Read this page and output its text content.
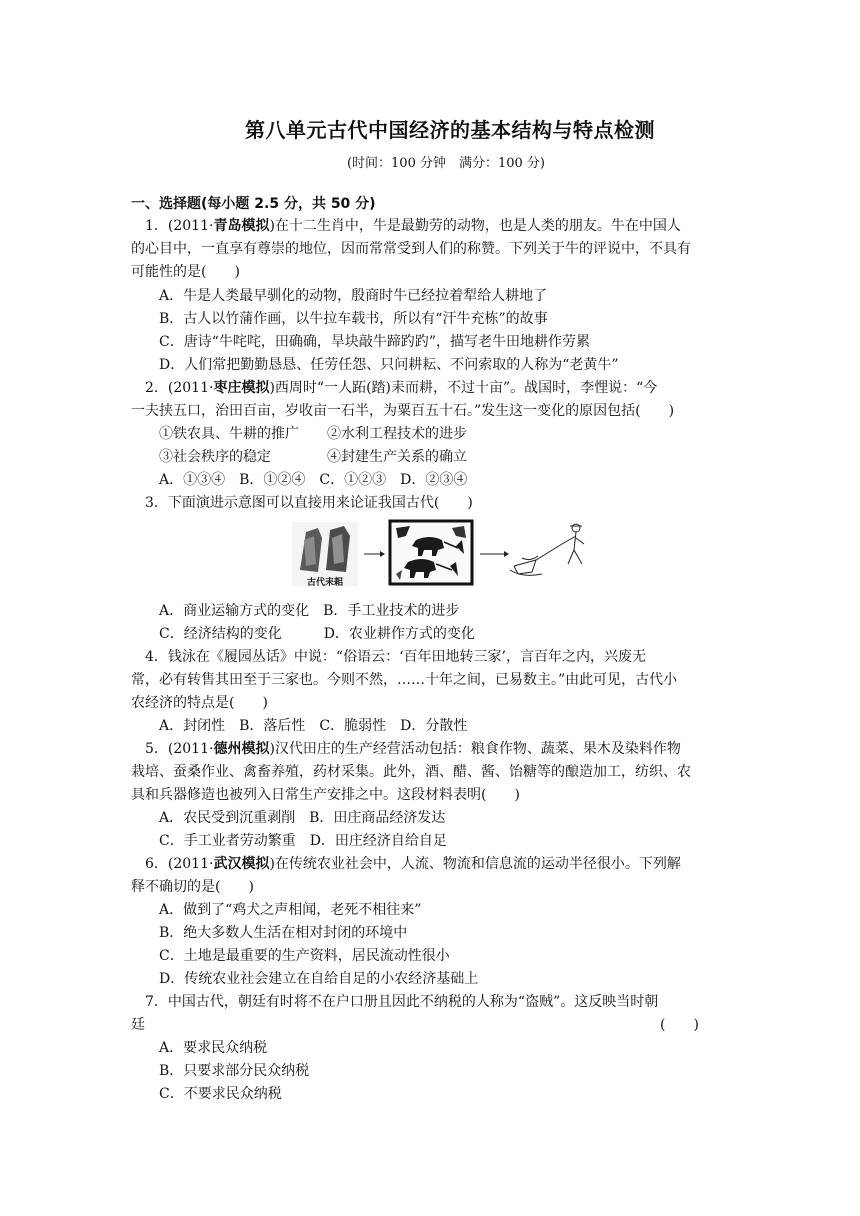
第八单元古代中国经济的基本结构与特点检测
(时间：100 分钟　满分：100 分)
一、选择题(每小题 2.5 分，共 50 分)
1．(2011·青岛模拟)在十二生肖中，牛是最勤劳的动物，也是人类的朋友。牛在中国人
的心目中，一直享有尊崇的地位，因而常常受到人们的称赞。下列关于牛的评说中，不具有
可能性的是(　　)
A．牛是人类最早驯化的动物，殷商时牛已经拉着犁给人耕地了
B．古人以竹蒲作画，以牛拉车载书，所以有“汗牛充栋”的故事
C．唐诗“牛咤咤，田确确，旱块敲牛蹄趵趵”，描写老牛田地耕作劳累
D．人们常把勤勤恳恳、任劳任怨、只问耕耘、不问索取的人称为“老黄牛”
2．(2011·枣庄模拟)西周时“一人跖(踏)耒而耕，不过十亩”。战国时，李悝说：“今
一夫挟五口，治田百亩，岁收亩一石半，为粟百五十石。”发生这一变化的原因包括(　　)
①铁农具、牛耕的推广　　②水利工程技术的进步
③社会秩序的稳定　　　　④封建生产关系的确立
A．①③④　B．①②④　C．①②③　D．②③④
3．下面演进示意图可以直接用来论证我国古代(　　)
古代耒耜
A．商业运输方式的变化　B．手工业技术的进步
C．经济结构的变化　　　D．农业耕作方式的变化
4．钱泳在《履园丛话》中说：“俗语云：‘百年田地转三家’，言百年之内，兴废无
常，必有转售其田至于三家也。今则不然，……十年之间，已易数主。”由此可见，古代小
农经济的特点是(　　)
A．封闭性　B．落后性　C．脆弱性　D．分散性
5．(2011·德州模拟)汉代田庄的生产经营活动包括：粮食作物、蔬菜、果木及染料作物
栽培、蚕桑作业、禽畜养殖，药材采集。此外，酒、醋、酱、饴糖等的酿造加工，纺织、农
具和兵器修造也被列入日常生产安排之中。这段材料表明(　　)
A．农民受到沉重剥削　B．田庄商品经济发达
C．手工业者劳动繁重　D．田庄经济自给自足
6．(2011·武汉模拟)在传统农业社会中，人流、物流和信息流的运动半径很小。下列解
释不确切的是(　　)
A．做到了“鸡犬之声相闻，老死不相往来”
B．绝大多数人生活在相对封闭的环境中
C．土地是最重要的生产资料，居民流动性很小
D．传统农业社会建立在自给自足的小农经济基础上
7．中国古代，朝廷有时将不在户口册且因此不纳税的人称为“盗贼”。这反映当时朝
廷	(　　)
A．要求民众纳税
B．只要求部分民众纳税
C．不要求民众纳税
